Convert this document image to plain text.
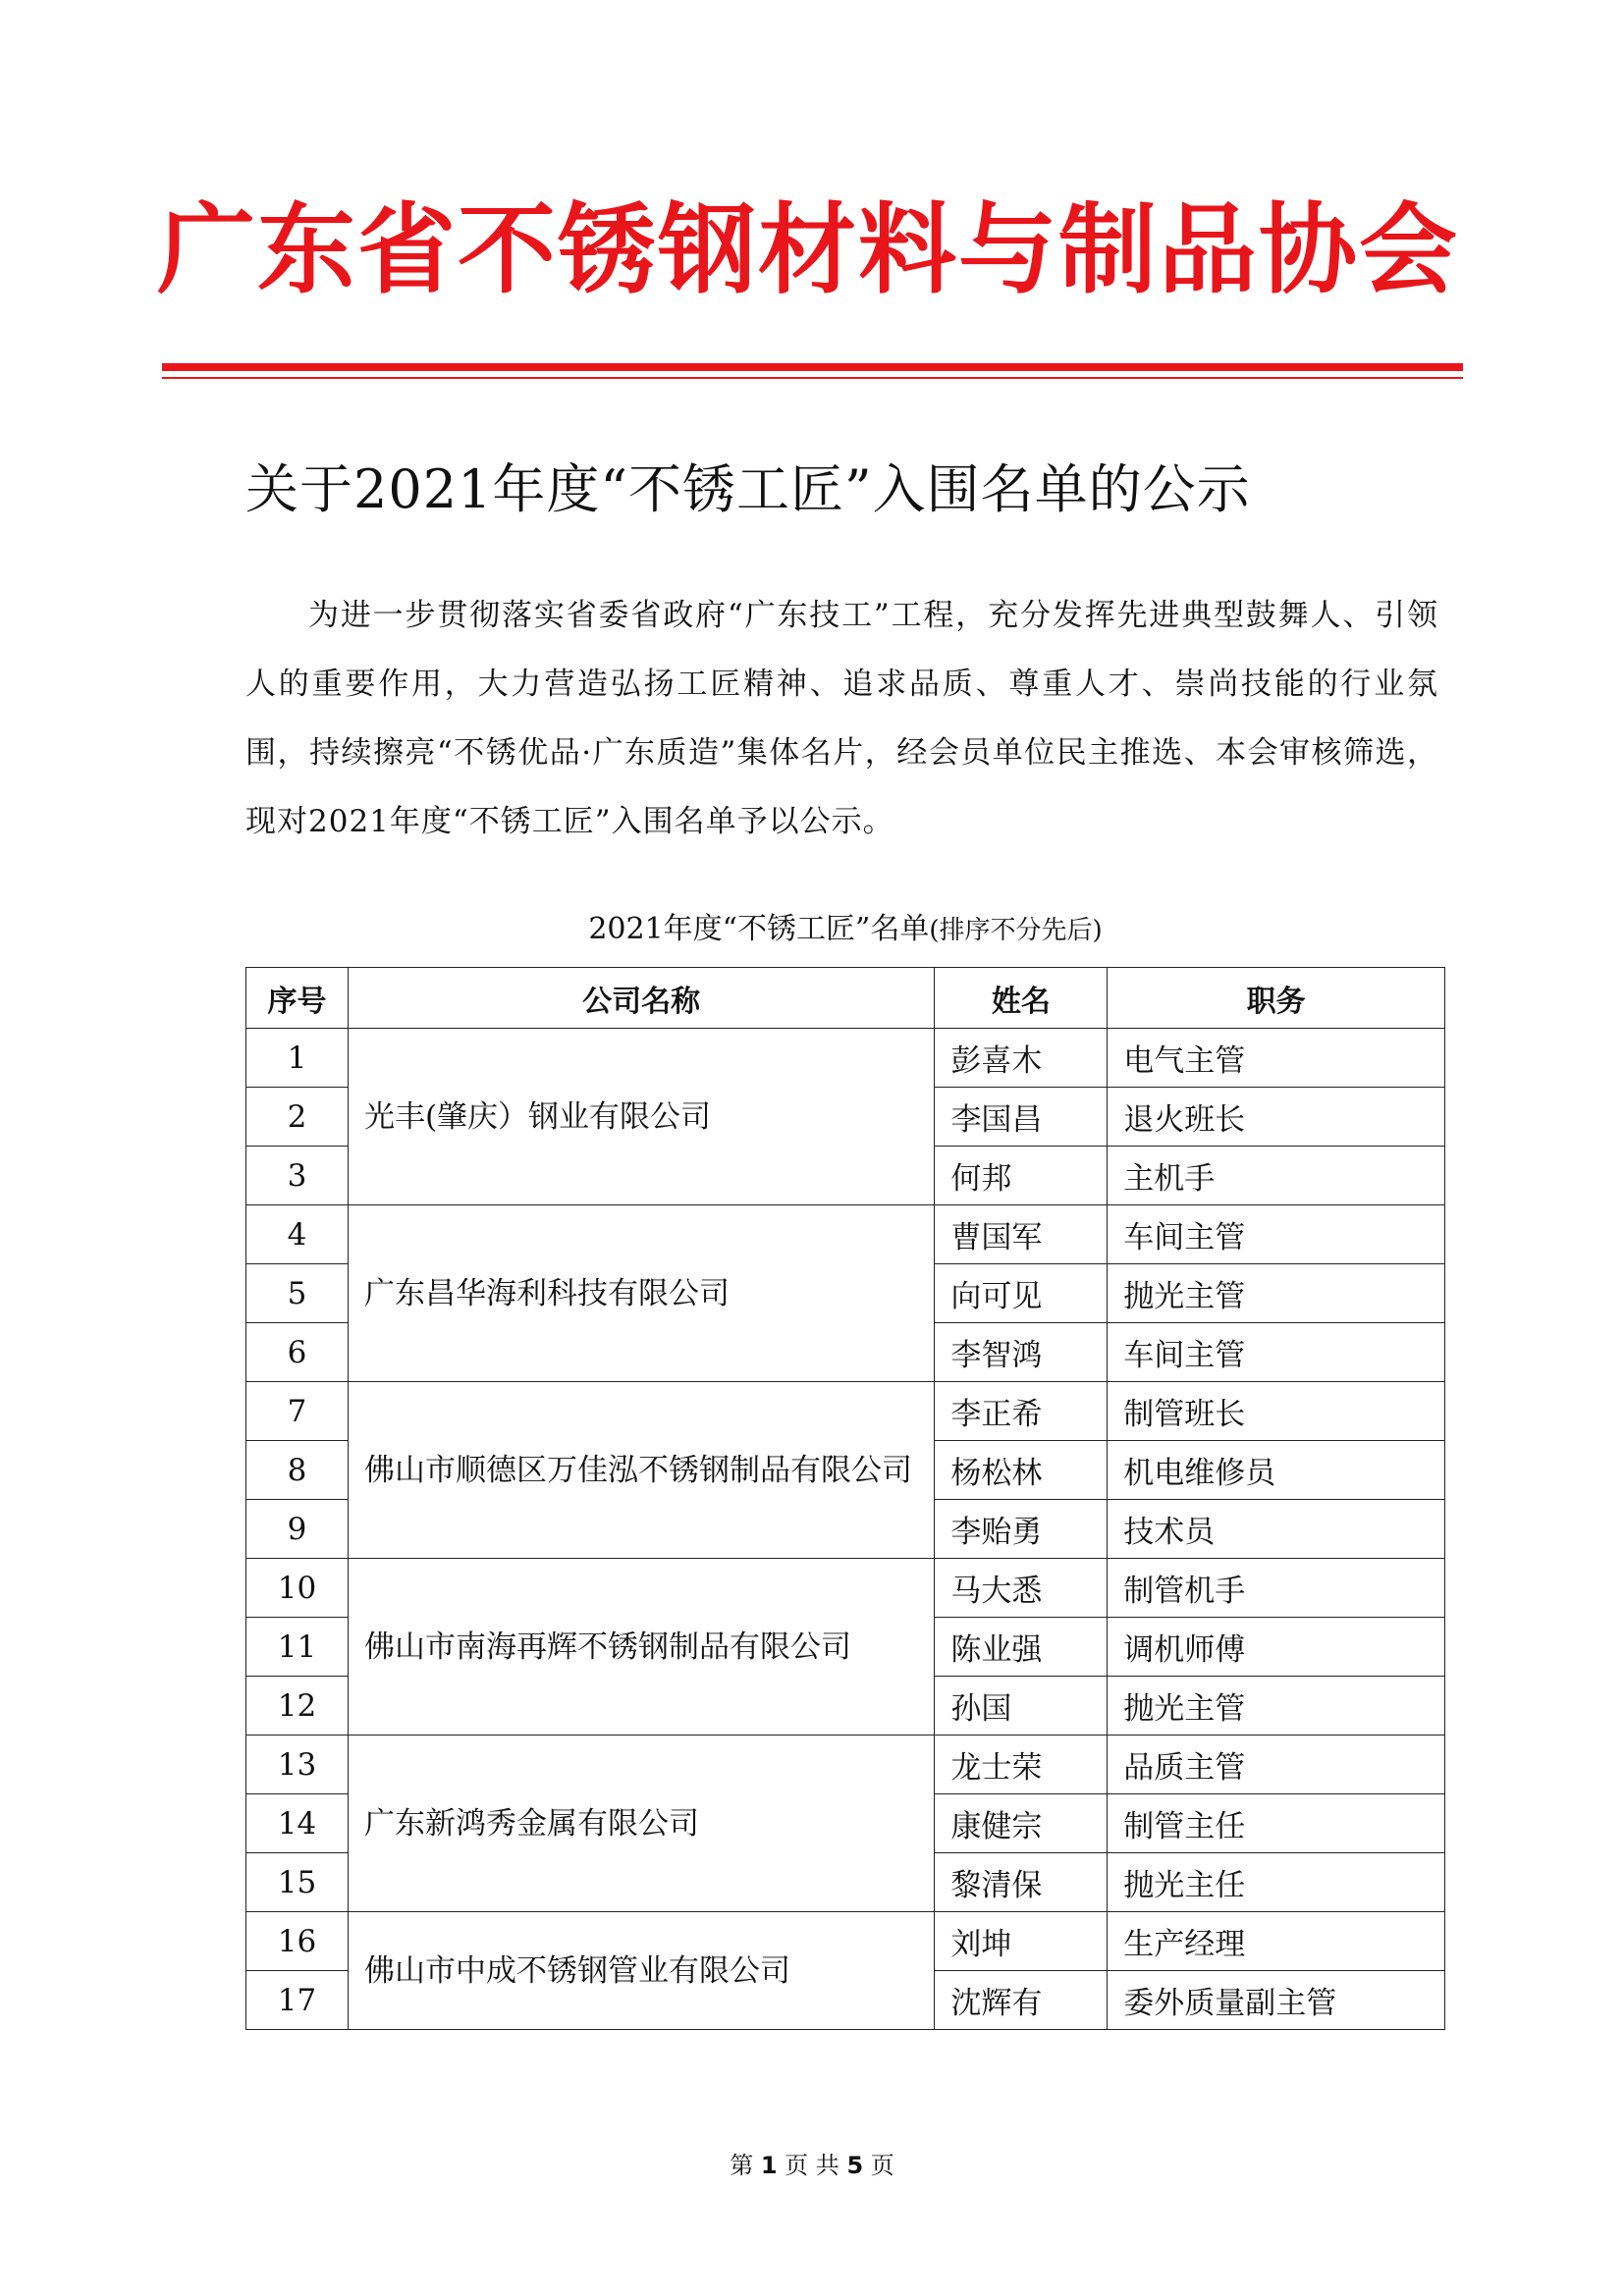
广东省不锈钢材料与制品协会
关于2021年度“不锈工匠”入围名单的公示
为进一步贯彻落实省委省政府“广东技工”工程，充分发挥先进典型鼓舞人、引领人的重要作用，大力营造弘扬工匠精神、追求品质、尊重人才、崇尚技能的行业氛围，持续擦亮“不锈优品·广东质造”集体名片，经会员单位民主推选、本会审核筛选，现对2021年度“不锈工匠”入围名单予以公示。
2021年度“不锈工匠”名单(排序不分先后)
序号	公司名称	姓名	职务
1	光丰(肇庆）钢业有限公司	彭喜木	电气主管
2		李国昌	退火班长
3		何邦	主机手
4	广东昌华海利科技有限公司	曹国军	车间主管
5		向可见	抛光主管
6		李智鸿	车间主管
7	佛山市顺德区万佳泓不锈钢制品有限公司	李正希	制管班长
8		杨松林	机电维修员
9		李贻勇	技术员
10	佛山市南海再辉不锈钢制品有限公司	马大悉	制管机手
11		陈业强	调机师傅
12		孙国	抛光主管
13	广东新鸿秀金属有限公司	龙士荣	品质主管
14		康健宗	制管主任
15		黎清保	抛光主任
16	佛山市中成不锈钢管业有限公司	刘坤	生产经理
17		沈辉有	委外质量副主管
第 1 页 共 5 页
